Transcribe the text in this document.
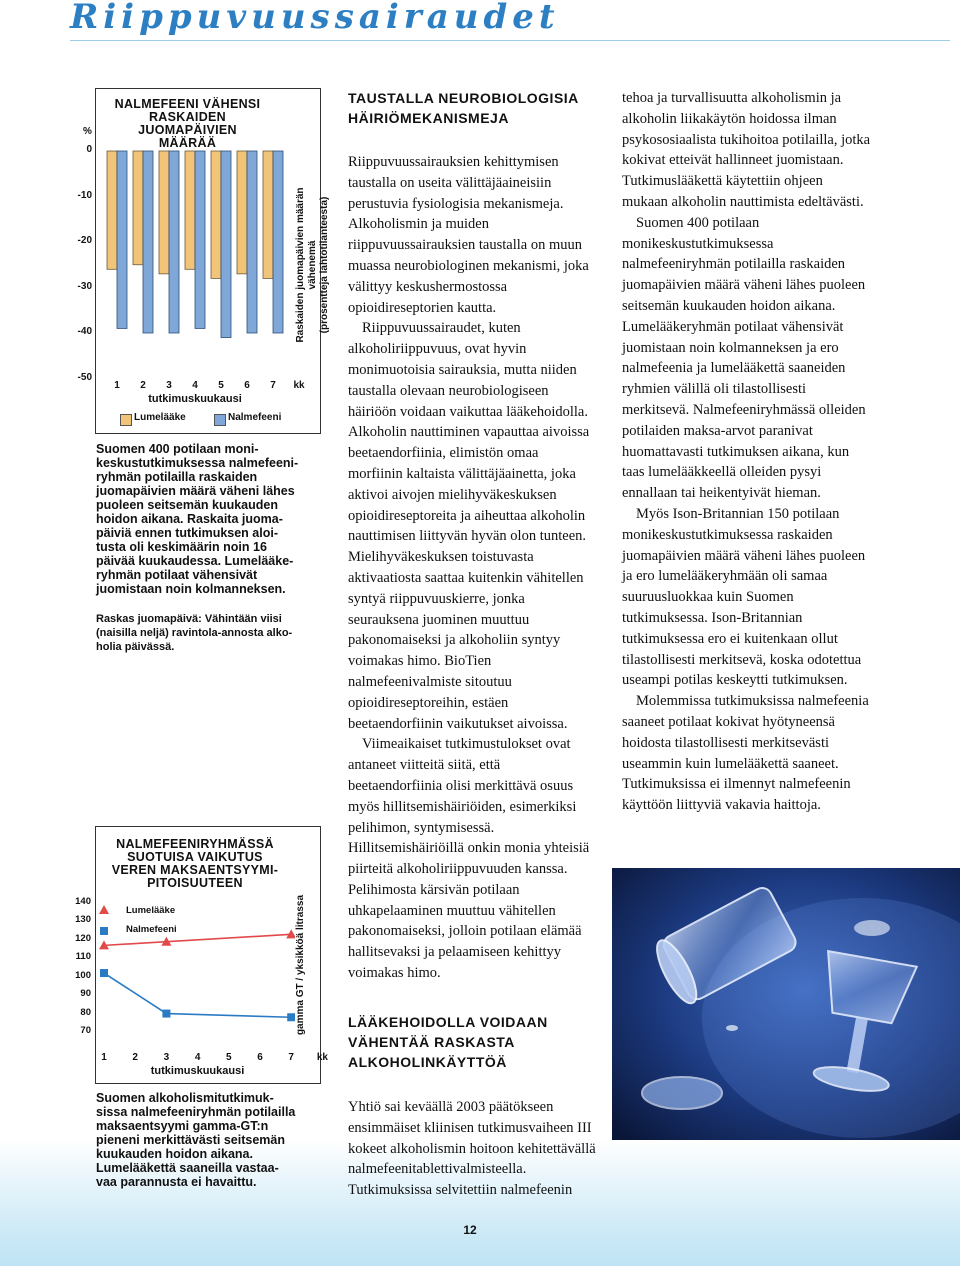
Riippuvuussairaudet
%
0
-10
-20
-30
-40
-50
NALMEFEENI VÄHENSI
RASKAIDEN JUOMAPÄIVIEN
MÄÄRÄÄ
1	2	3	4	5	6	7	kk
tutkimuskuukausi
Lumelääke	Nalmefeeni
Raskaiden juomapäivien määrän vähenemä (prosentteja lähtötilanteesta)
Suomen 400 potilaan moni-
keskustutkimuksessa nalmefeeni-
ryhmän potilailla raskaiden
juomapäivien määrä väheni lähes
puoleen seitsemän kuukauden
hoidon aikana. Raskaita juoma-
päiviä ennen tutkimuksen aloi-
tusta oli keskimäärin noin 16
päivää kuukaudessa. Lumelääke-
ryhmän potilaat vähensivät
juomistaan noin kolmanneksen.
Raskas juomapäivä: Vähintään viisi
(naisilla neljä) ravintola-annosta alko-
holia päivässä.
140
130
120
110
100
90
80
70
NALMEFEENIRYHMÄSSÄ
SUOTUISA VAIKUTUS
VEREN MAKSAENTSYYMI-
PITOISUUTEEN
Lumelääke
Nalmefeeni
1	2	3	4	5	6	7	kk
tutkimuskuukausi
gamma GT / yksikköä litrassa
Suomen alkoholismitutkimuk-
sissa nalmefeeniryhmän potilailla
maksaentsyymi gamma-GT:n
pieneni merkittävästi seitsemän
kuukauden hoidon aikana.
Lumelääkettä saaneilla vastaa-
vaa parannusta ei havaittu.
TAUSTALLA NEUROBIOLOGISIA
HÄIRIÖMEKANISMEJA

Riippuvuussairauksien kehittymisen taustalla on useita välittäjäaineisiin perustuvia fysiologisia mekanismeja. Alkoholismin ja muiden riippuvuussairauksien taustalla on muun muassa neurobiologinen mekanismi, joka välittyy keskushermostossa opioidireseptorien kautta.

Riippuvuussairaudet, kuten alkoholiriippuvuus, ovat hyvin monimuotoisia sairauksia, mutta niiden taustalla olevaan neurobiologiseen häiriöön voidaan vaikuttaa lääkehoidolla. Alkoholin nauttiminen vapauttaa aivoissa beetaendorfiinia, elimistön omaa morfiinin kaltaista välittäjäainetta, joka aktivoi aivojen mielihyväkeskuksen opioidireseptoreita ja aiheuttaa alkoholin nauttimisen liittyvän hyvän olon tunteen. Mielihyväkeskuksen toistuvasta aktivaatiosta saattaa kuitenkin vähitellen syntyä riippuvuuskierre, jonka seurauksena juominen muuttuu pakonomaiseksi ja alkoholiin syntyy voimakas himo. BioTien nalmefeenivalmiste sitoutuu opioidireseptoreihin, estäen beetaendorfiinin vaikutukset aivoissa.

Viimeaikaiset tutkimustulokset ovat antaneet viitteitä siitä, että beetaendorfiinia olisi merkittävä osuus myös hillitsemishäiriöiden, esimerkiksi pelihimon, syntymisessä. Hillitsemishäiriöillä onkin monia yhteisiä piirteitä alkoholiriippuvuuden kanssa. Pelihimosta kärsivän potilaan uhkapelaaminen muuttuu vähitellen pakonomaiseksi, jolloin potilaan elämää hallitsevaksi ja pelaamiseen kehittyy voimakas himo.

LÄÄKEHOIDOLLA VOIDAAN
VÄHENTÄÄ RASKASTA
ALKOHOLINKÄYTTÖÄ

Yhtiö sai keväällä 2003 päätökseen ensimmäiset kliinisen tutkimusvaiheen III kokeet alkoholismin hoitoon kehitettävällä nalmefeenitablettivalmisteella. Tutkimuksissa selvitettiin nalmefeenin

tehoa ja turvallisuutta alkoholismin ja alkoholin liikakäytön hoidossa ilman psykososiaalista tukihoitoa potilailla, jotka kokivat etteivät hallinneet juomistaan. Tutkimuslääkettä käytettiin ohjeen mukaan alkoholin nauttimista edeltävästi.

Suomen 400 potilaan monikeskustutkimuksessa nalmefeeniryhmän potilailla raskaiden juomapäivien määrä väheni lähes puoleen seitsemän kuukauden hoidon aikana. Lumelääkeryhmän potilaat vähensivät juomistaan noin kolmanneksen ja ero nalmefeenia ja lumelääkettä saaneiden ryhmien välillä oli tilastollisesti merkitsevä. Nalmefeeniryhmässä olleiden potilaiden maksa-arvot paranivat huomattavasti tutkimuksen aikana, kun taas lumelääkkeellä olleiden pysyi ennallaan tai heikentyivät hieman.

Myös Ison-Britannian 150 potilaan monikeskustutkimuksessa raskaiden juomapäivien määrä väheni lähes puoleen ja ero lumelääkeryhmään oli samaa suuruusluokkaa kuin Suomen tutkimuksessa. Ison-Britannian tutkimuksessa ero ei kuitenkaan ollut tilastollisesti merkitsevä, koska odotettua useampi potilas keskeytti tutkimuksen.

Molemmissa tutkimuksissa nalmefeenia saaneet potilaat kokivat hyötyneensä hoidosta tilastollisesti merkitsevästi useammin kuin lumelääkettä saaneet. Tutkimuksissa ei ilmennyt nalmefeenin käyttöön liittyviä vakavia haittoja.

12
